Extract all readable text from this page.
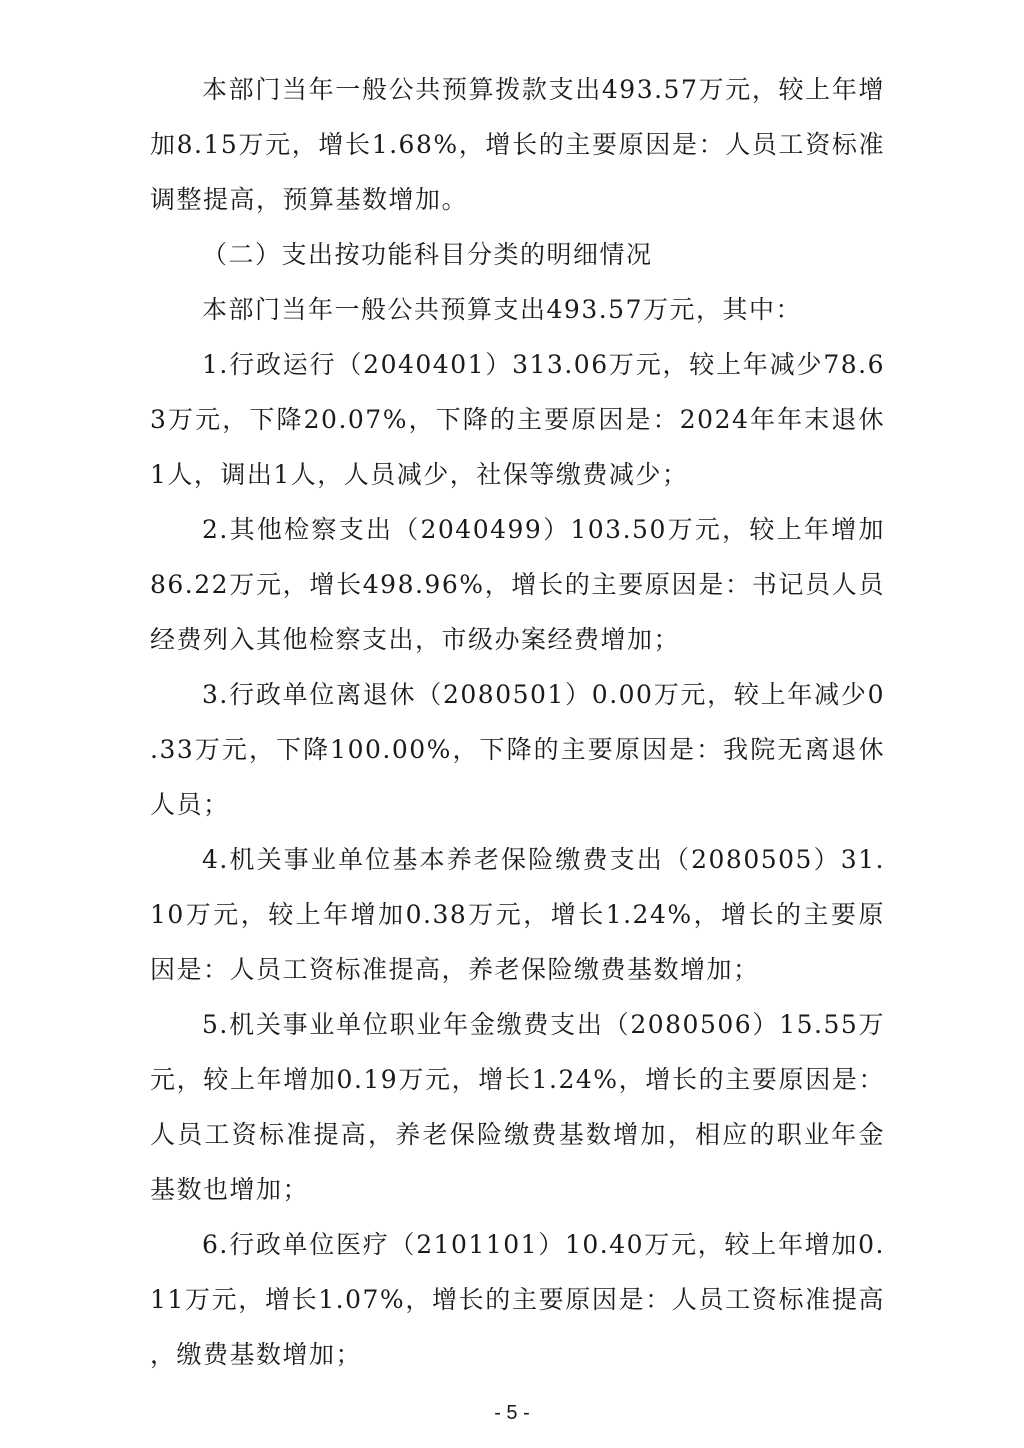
本部门当年一般公共预算拨款支出493.57万元，较上年增加8.15万元，增长1.68%，增长的主要原因是：人员工资标准调整提高，预算基数增加。

（二）支出按功能科目分类的明细情况

本部门当年一般公共预算支出493.57万元，其中：

1.行政运行（2040401）313.06万元，较上年减少78.63万元，下降20.07%，下降的主要原因是：2024年年末退休1人，调出1人，人员减少，社保等缴费减少；

2.其他检察支出（2040499）103.50万元，较上年增加86.22万元，增长498.96%，增长的主要原因是：书记员人员经费列入其他检察支出，市级办案经费增加；

3.行政单位离退休（2080501）0.00万元，较上年减少0.33万元，下降100.00%，下降的主要原因是：我院无离退休人员；

4.机关事业单位基本养老保险缴费支出（2080505）31.10万元，较上年增加0.38万元，增长1.24%，增长的主要原因是：人员工资标准提高，养老保险缴费基数增加；

5.机关事业单位职业年金缴费支出（2080506）15.55万元，较上年增加0.19万元，增长1.24%，增长的主要原因是：人员工资标准提高，养老保险缴费基数增加，相应的职业年金基数也增加；

6.行政单位医疗（2101101）10.40万元，较上年增加0.11万元，增长1.07%，增长的主要原因是：人员工资标准提高，缴费基数增加；

- 5 -
